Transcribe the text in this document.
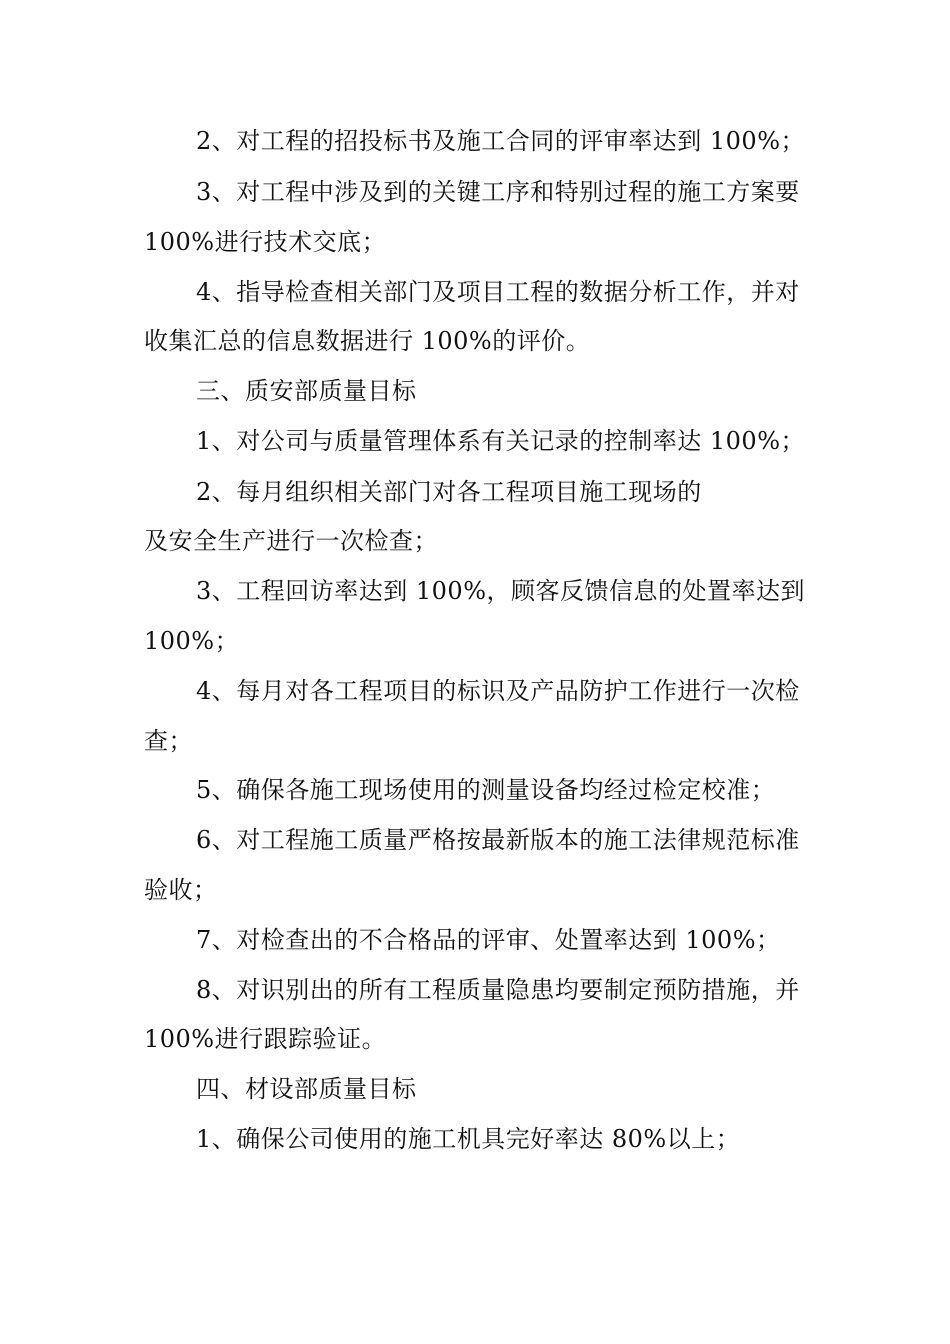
2、对工程的招投标书及施工合同的评审率达到 100%；
3、对工程中涉及到的关键工序和特别过程的施工方案要
100%进行技术交底；
4、指导检查相关部门及项目工程的数据分析工作，并对
收集汇总的信息数据进行 100%的评价。
三、质安部质量目标
1、对公司与质量管理体系有关记录的控制率达 100%；
2、每月组织相关部门对各工程项目施工现场的
及安全生产进行一次检查；
3、工程回访率达到 100%，顾客反馈信息的处置率达到
100%；
4、每月对各工程项目的标识及产品防护工作进行一次检
查；
5、确保各施工现场使用的测量设备均经过检定校准；
6、对工程施工质量严格按最新版本的施工法律规范标准
验收；
7、对检查出的不合格品的评审、处置率达到 100%；
8、对识别出的所有工程质量隐患均要制定预防措施，并
100%进行跟踪验证。
四、材设部质量目标
1、确保公司使用的施工机具完好率达 80%以上；
